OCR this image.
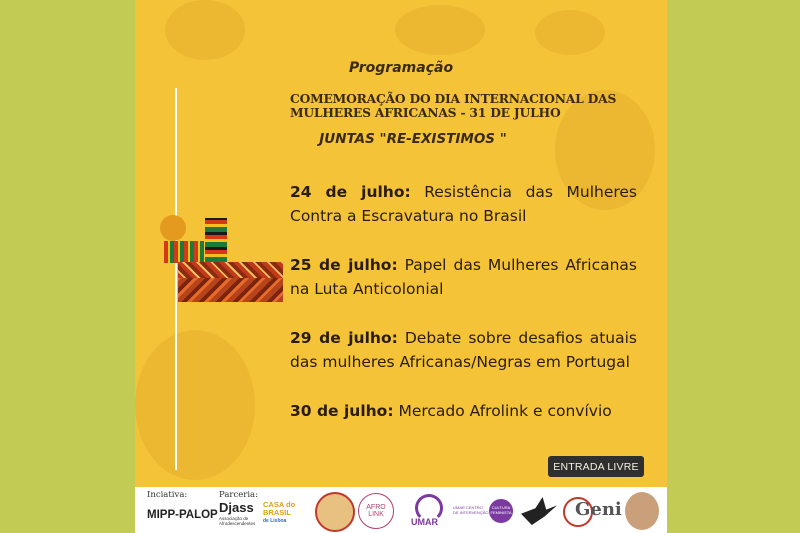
Programação
COMEMORAÇÃO DO DIA INTERNACIONAL DAS
MULHERES AFRICANAS - 31 DE JULHO
JUNTAS "RE-EXISTIMOS "
24 de julho: Resistência das Mulheres Contra a Escravatura no Brasil
25 de julho: Papel das Mulheres Africanas na Luta Anticolonial
29 de julho: Debate sobre desafios atuais das mulheres Africanas/Negras em Portugal
30 de julho: Mercado Afrolink e convívio
ENTRADA LIVRE
Inciativa:
MIPP-PALOP
Parceria:
Djass
Associação de Afrodescendentes
CASA do
BRASIL
de Lisboa
AFRO LINK
UMAR
UMAR CENTRO DE INTERVENÇÃO
CULTURA FEMINISTA	Geni
